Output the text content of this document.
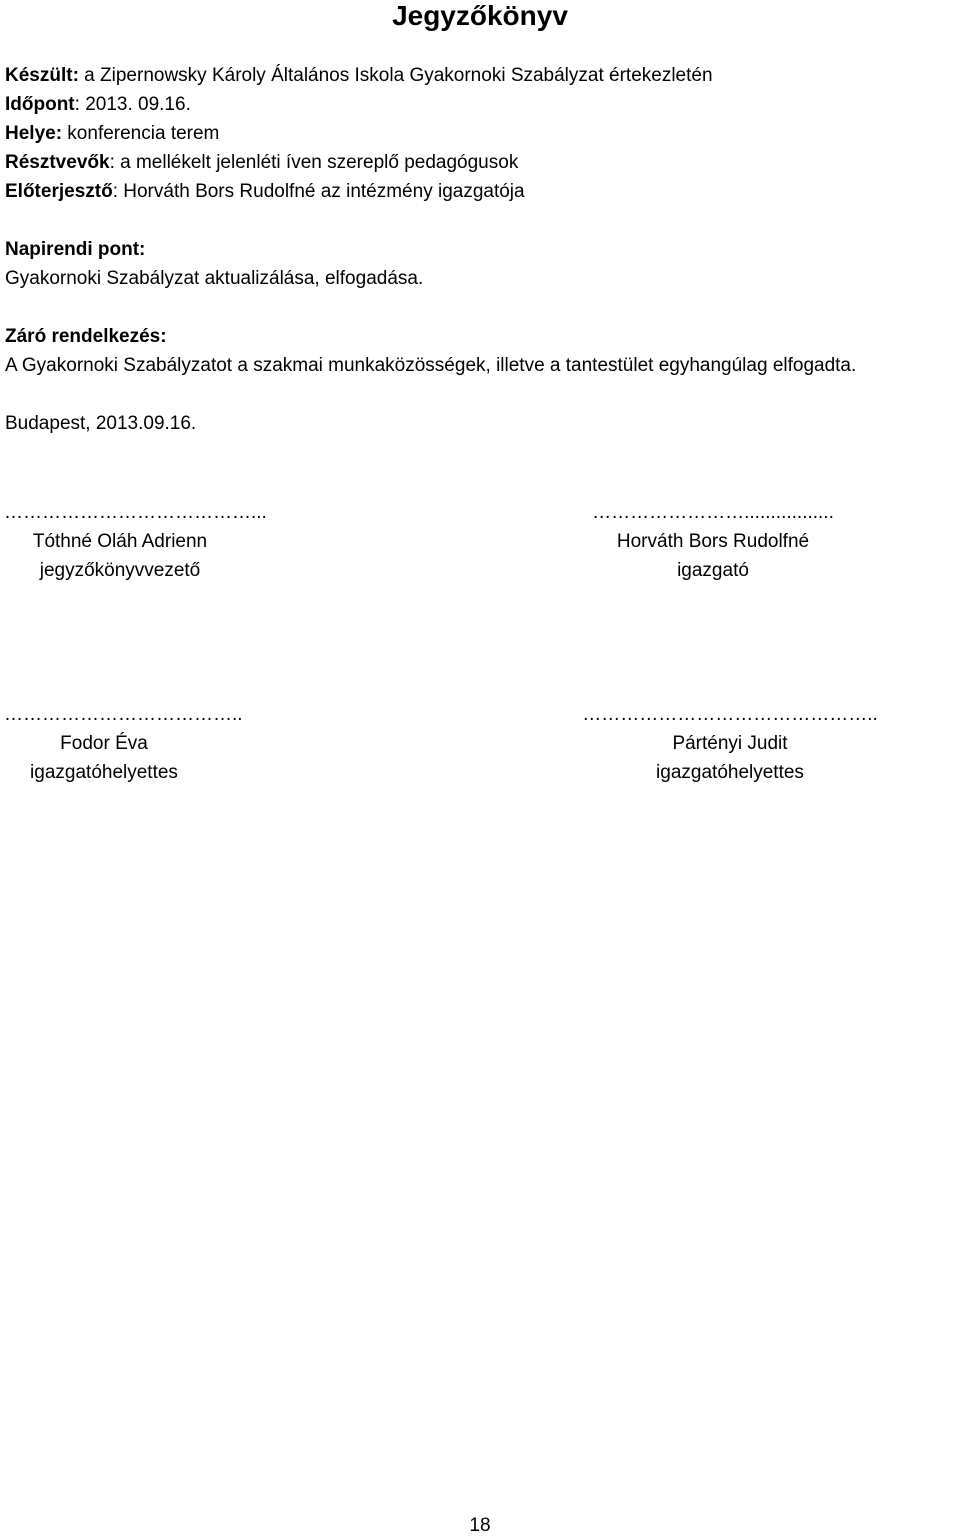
Jegyzőkönyv
Készült: a Zipernowsky Károly Általános Iskola Gyakornoki Szabályzat értekezletén
Időpont: 2013. 09.16.
Helye: konferencia terem
Résztvevők: a mellékelt jelenléti íven szereplő pedagógusok
Előterjesztő: Horváth Bors Rudolfné az intézmény igazgatója
Napirendi pont:
Gyakornoki Szabályzat aktualizálása, elfogadása.
Záró rendelkezés:
A Gyakornoki Szabályzatot a szakmai munkaközösségek, illetve a tantestület egyhangúlag elfogadta.
Budapest, 2013.09.16.
…………………………………...
Tóthné Oláh Adrienn
jegyzőkönyvvezető
…………………….................
Horváth Bors Rudolfné
igazgató
………………………………..
Fodor Éva
igazgatóhelyettes
………………………………………..
Pártényi Judit
igazgatóhelyettes
18
